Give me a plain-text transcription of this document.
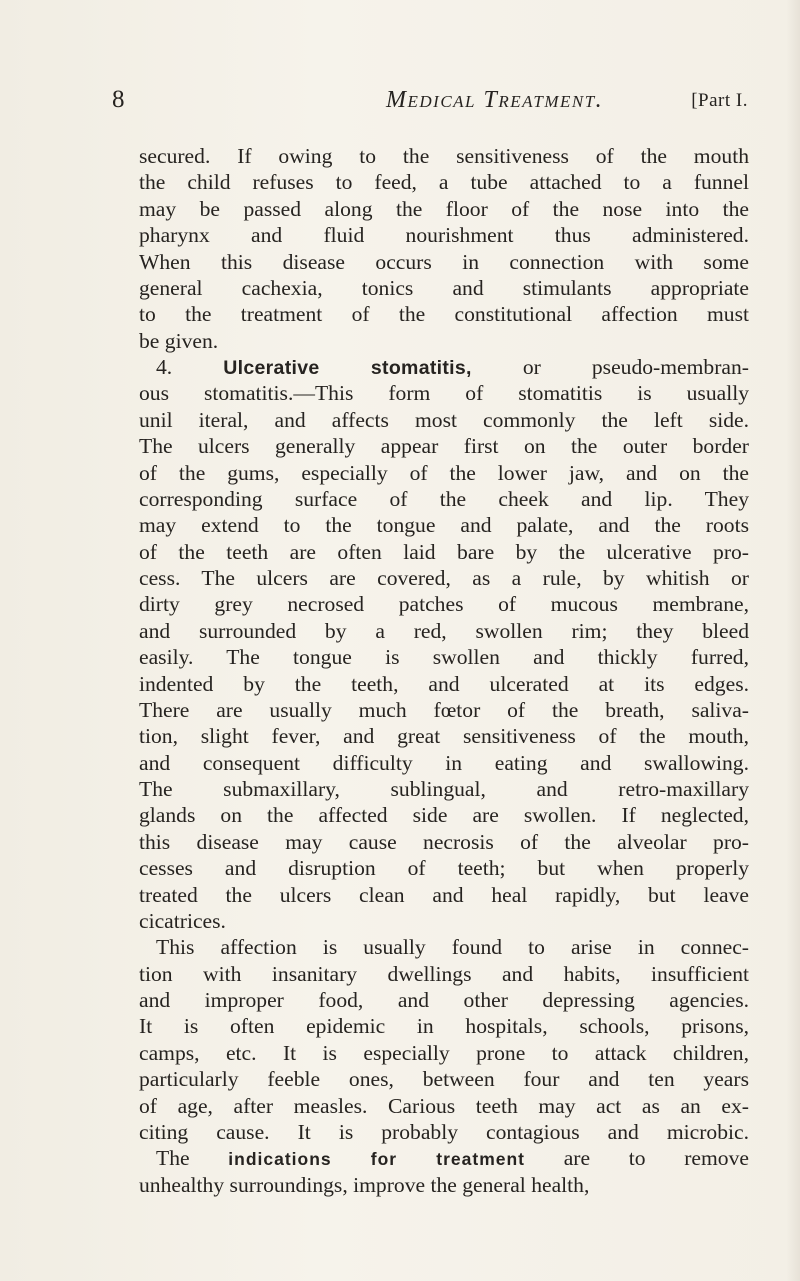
8	Medical Treatment.	[Part I.
secured. If owing to the sensitiveness of the mouth
the child refuses to feed, a tube attached to a funnel
may be passed along the floor of the nose into the
pharynx and fluid nourishment thus administered.
When this disease occurs in connection with some
general cachexia, tonics and stimulants appropriate
to the treatment of the constitutional affection must
be given.
4.	Ulcerative stomatitis, or pseudo-membran-
ous stomatitis.—This form of stomatitis is usually
unil iteral, and affects most commonly the left side.
The ulcers generally appear first on the outer border
of the gums, especially of the lower jaw, and on the
corresponding surface of the cheek and lip. They
may extend to the tongue and palate, and the roots
of the teeth are often laid bare by the ulcerative pro-
cess. The ulcers are covered, as a rule, by whitish or
dirty grey necrosed patches of mucous membrane,
and surrounded by a red, swollen rim; they bleed
easily. The tongue is swollen and thickly furred,
indented by the teeth, and ulcerated at its edges.
There are usually much fœtor of the breath, saliva-
tion, slight fever, and great sensitiveness of the mouth,
and consequent difficulty in eating and swallowing.
The submaxillary, sublingual, and retro-maxillary
glands on the affected side are swollen. If neglected,
this disease may cause necrosis of the alveolar pro-
cesses and disruption of teeth; but when properly
treated the ulcers clean and heal rapidly, but leave
cicatrices.
This affection is usually found to arise in connec-
tion with insanitary dwellings and habits, insufficient
and improper food, and other depressing agencies.
It is often epidemic in hospitals, schools, prisons,
camps, etc. It is especially prone to attack children,
particularly feeble ones, between four and ten years
of age, after measles. Carious teeth may act as an ex-
citing cause. It is probably contagious and microbic.
The indications for treatment are to remove
unhealthy surroundings, improve the general health,
